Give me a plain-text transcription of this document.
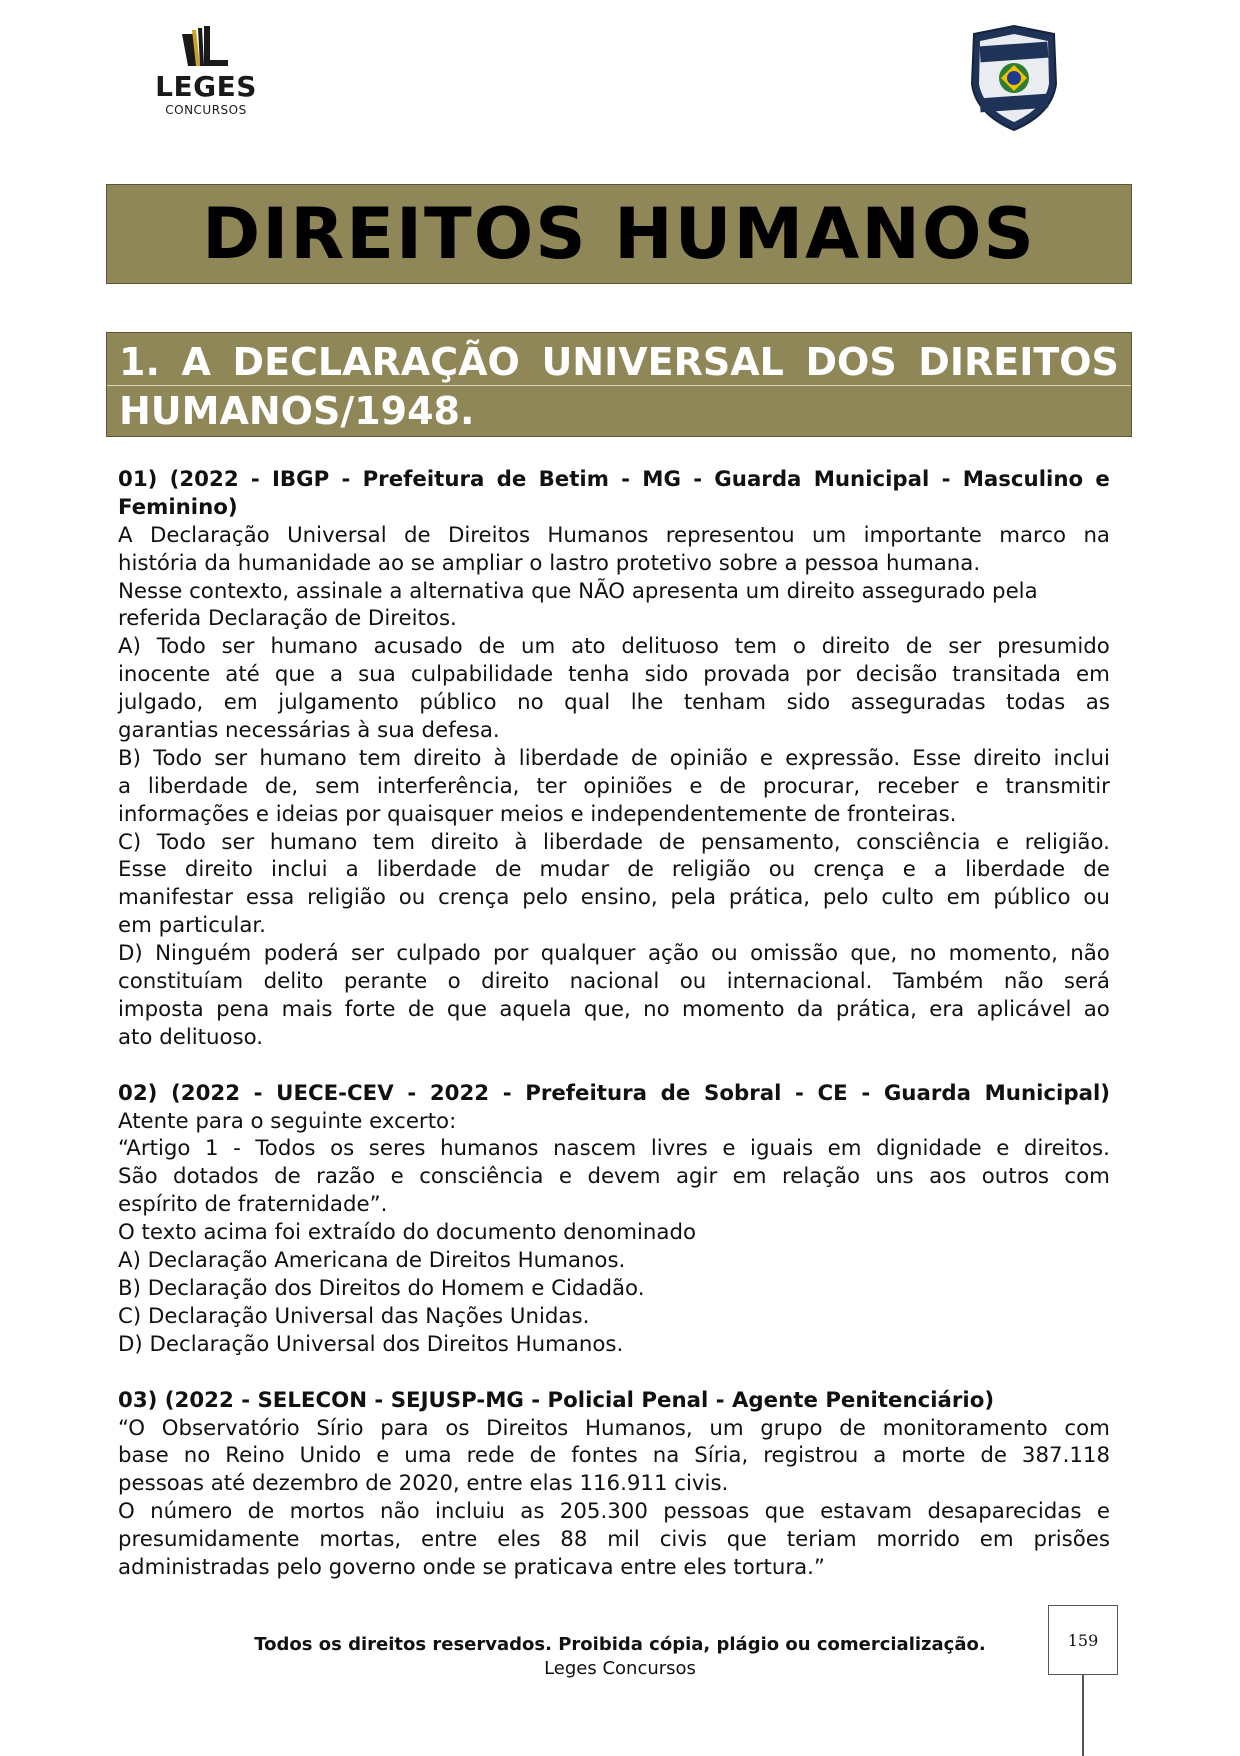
LEGES
CONCURSOS
DIREITOS HUMANOS
1. A DECLARAÇÃO UNIVERSAL DOS DIREITOS
HUMANOS/1948.
01) (2022 - IBGP - Prefeitura de Betim - MG - Guarda Municipal - Masculino e
Feminino)
A Declaração Universal de Direitos Humanos representou um importante marco na
história da humanidade ao se ampliar o lastro protetivo sobre a pessoa humana.
Nesse contexto, assinale a alternativa que NÃO apresenta um direito assegurado pela
referida Declaração de Direitos.
A) Todo ser humano acusado de um ato delituoso tem o direito de ser presumido
inocente até que a sua culpabilidade tenha sido provada por decisão transitada em
julgado, em julgamento público no qual lhe tenham sido asseguradas todas as
garantias necessárias à sua defesa.
B) Todo ser humano tem direito à liberdade de opinião e expressão. Esse direito inclui
a liberdade de, sem interferência, ter opiniões e de procurar, receber e transmitir
informações e ideias por quaisquer meios e independentemente de fronteiras.
C) Todo ser humano tem direito à liberdade de pensamento, consciência e religião.
Esse direito inclui a liberdade de mudar de religião ou crença e a liberdade de
manifestar essa religião ou crença pelo ensino, pela prática, pelo culto em público ou
em particular.
D) Ninguém poderá ser culpado por qualquer ação ou omissão que, no momento, não
constituíam delito perante o direito nacional ou internacional. Também não será
imposta pena mais forte de que aquela que, no momento da prática, era aplicável ao
ato delituoso.
02) (2022 - UECE-CEV - 2022 - Prefeitura de Sobral - CE - Guarda Municipal)
Atente para o seguinte excerto:
“Artigo 1 - Todos os seres humanos nascem livres e iguais em dignidade e direitos.
São dotados de razão e consciência e devem agir em relação uns aos outros com
espírito de fraternidade”.
O texto acima foi extraído do documento denominado
A) Declaração Americana de Direitos Humanos.
B) Declaração dos Direitos do Homem e Cidadão.
C) Declaração Universal das Nações Unidas.
D) Declaração Universal dos Direitos Humanos.
03) (2022 - SELECON - SEJUSP-MG - Policial Penal - Agente Penitenciário)
“O Observatório Sírio para os Direitos Humanos, um grupo de monitoramento com
base no Reino Unido e uma rede de fontes na Síria, registrou a morte de 387.118
pessoas até dezembro de 2020, entre elas 116.911 civis.
O número de mortos não incluiu as 205.300 pessoas que estavam desaparecidas e
presumidamente mortas, entre eles 88 mil civis que teriam morrido em prisões
administradas pelo governo onde se praticava entre eles tortura.”
Todos os direitos reservados. Proibida cópia, plágio ou comercialização.
Leges Concursos
159
